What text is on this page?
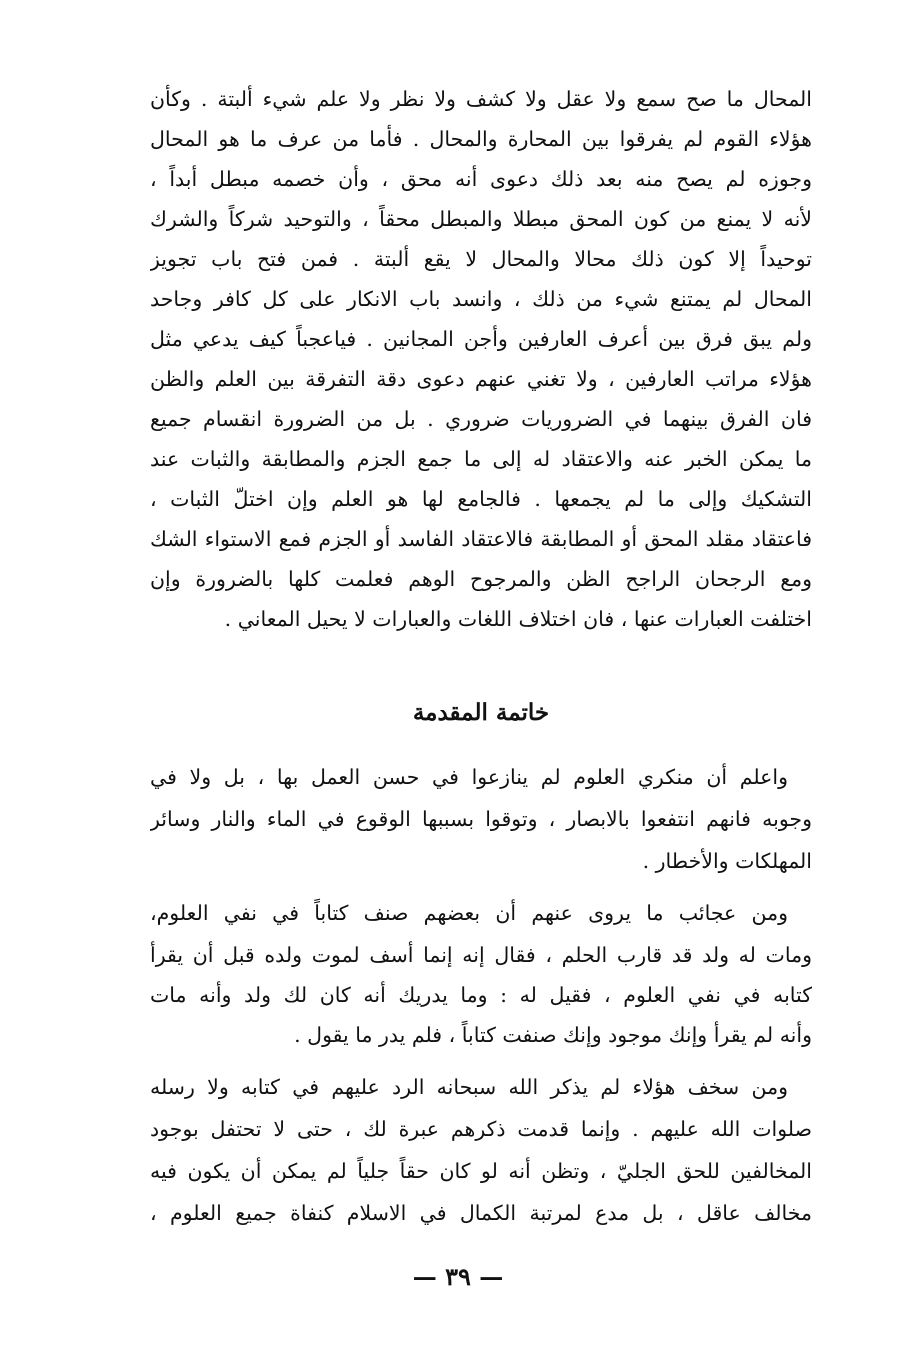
المحال ما صح سمع ولا عقل ولا كشف ولا نظر ولا علم شيء ألبتة . وكأن
هؤلاء القوم لم يفرقوا بين المحارة والمحال . فأما من عرف ما هو المحال
وجوزه لم يصح منه بعد ذلك دعوى أنه محق ، وأن خصمه مبطل أبداً ،
لأنه لا يمنع من كون المحق مبطلا والمبطل محقاً ، والتوحيد شركاً والشرك
توحيداً إلا كون ذلك محالا والمحال لا يقع ألبتة . فمن فتح باب تجويز
المحال لم يمتنع شيء من ذلك ، وانسد باب الانكار على كل كافر وجاحد
ولم يبق فرق بين أعرف العارفين وأجن المجانين . فياعجباً كيف يدعي مثل
هؤلاء مراتب العارفين ، ولا تغني عنهم دعوى دقة التفرقة بين العلم والظن
فان الفرق بينهما في الضروريات ضروري . بل من الضرورة انقسام جميع
ما يمكن الخبر عنه والاعتقاد له إلى ما جمع الجزم والمطابقة والثبات عند
التشكيك وإلى ما لم يجمعها . فالجامع لها هو العلم وإن اختلّ الثبات ،
فاعتقاد مقلد المحق أو المطابقة فالاعتقاد الفاسد أو الجزم فمع الاستواء الشك
ومع الرجحان الراجح الظن والمرجوح الوهم فعلمت كلها بالضرورة وإن
اختلفت العبارات عنها ، فان اختلاف اللغات والعبارات لا يحيل المعاني .
خاتمة المقدمة
واعلم أن منكري العلوم لم ينازعوا في حسن العمل بها ، بل ولا في
وجوبه فانهم انتفعوا بالابصار ، وتوقوا بسببها الوقوع في الماء والنار وسائر
المهلكات والأخطار .
ومن عجائب ما يروى عنهم أن بعضهم صنف كتاباً في نفي العلوم،
ومات له ولد قد قارب الحلم ، فقال إنه إنما أسف لموت ولده قبل أن يقرأ
كتابه في نفي العلوم ، فقيل له : وما يدريك أنه كان لك ولد وأنه مات
وأنه لم يقرأ وإنك موجود وإنك صنفت كتاباً ، فلم يدر ما يقول .
ومن سخف هؤلاء لم يذكر الله سبحانه الرد عليهم في كتابه ولا رسله
صلوات الله عليهم . وإنما قدمت ذكرهم عبرة لك ، حتى لا تحتفل بوجود
المخالفين للحق الجليّ ، وتظن أنه لو كان حقاً جلياً لم يمكن أن يكون فيه
مخالف عاقل ، بل مدع لمرتبة الكمال في الاسلام كنفاة جميع العلوم ،
— ٣٩ —
